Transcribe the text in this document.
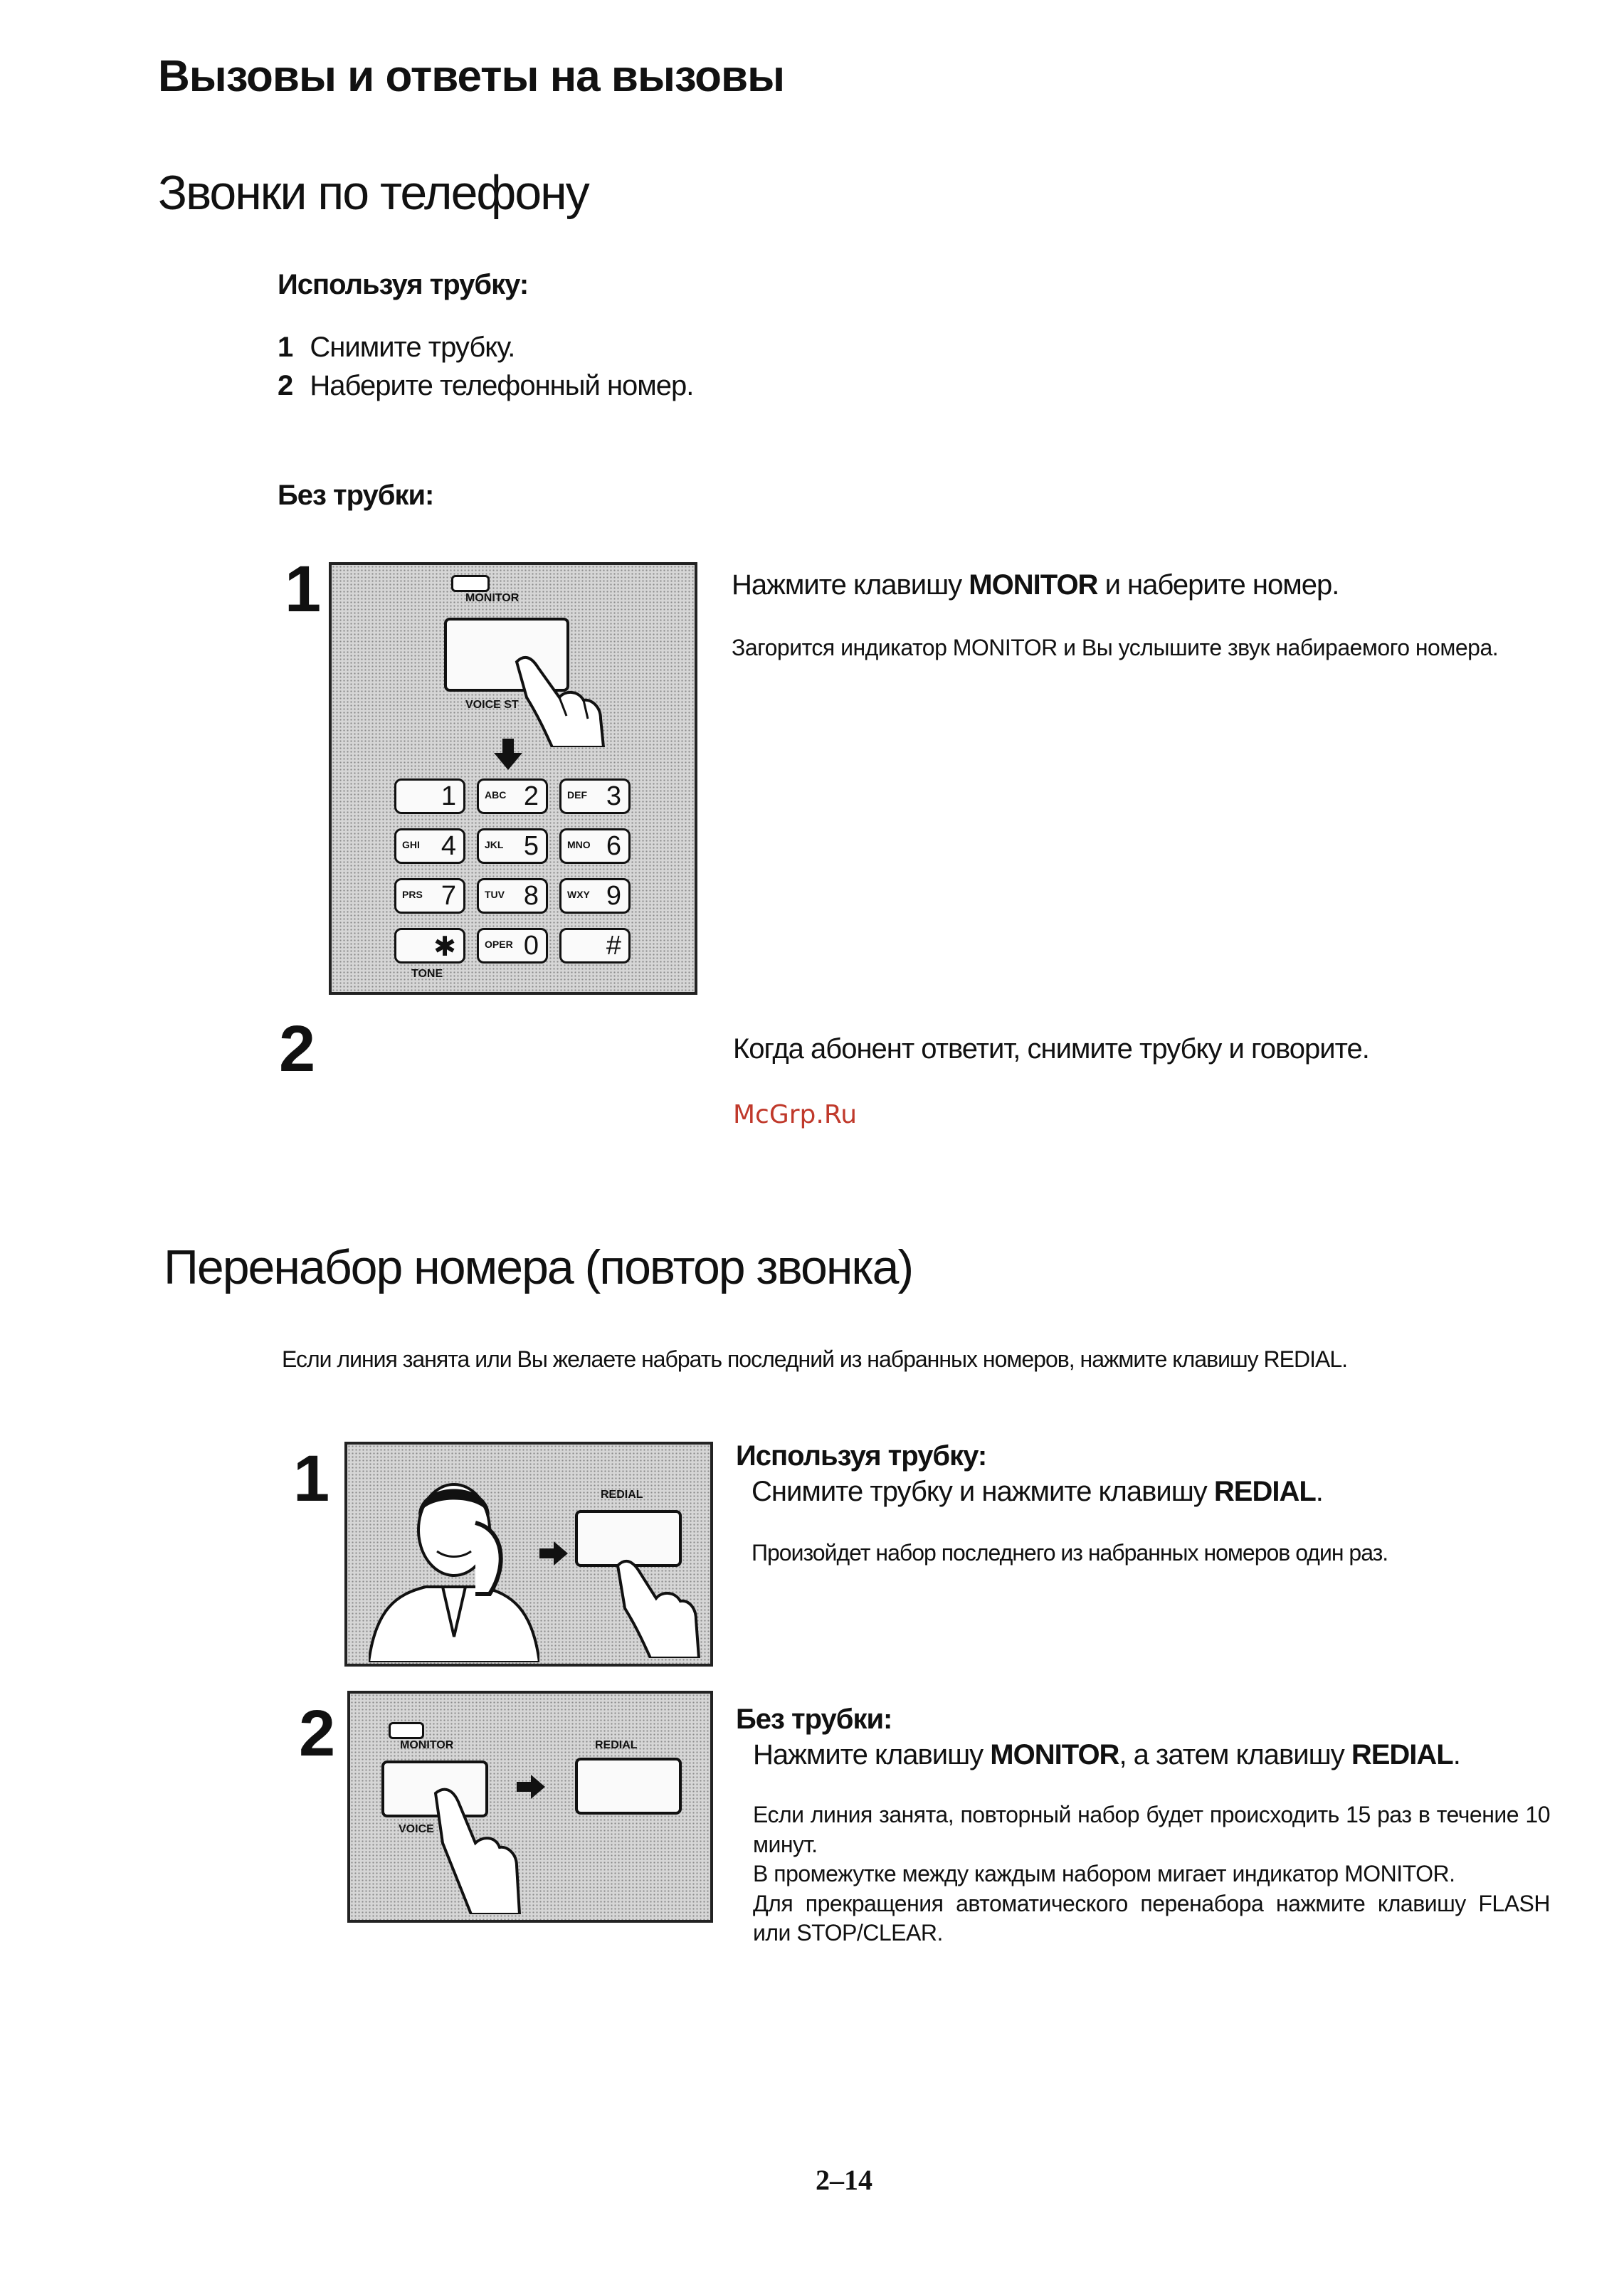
Вызовы и ответы на вызовы
Звонки по телефону
Используя трубку:
1 Снимите трубку.
2 Наберите телефонный номер.
Без трубки:
1	MONITOR
VOICE ST
1	ABC 2	DEF 3
GHI 4	JKL 5	MNO 6
PRS 7	TUV 8	WXY 9
✱	OPER 0 #
TONE
Нажмите клавишу MONITOR и наберите номер.
Загорится индикатор MONITOR и Вы услышите звук набираемого номера.
2	Когда абонент ответит, снимите трубку и говорите.
McGrp.Ru
Перенабор номера (повтор звонка)
Если линия занята или Вы желаете набрать последний из набранных номеров, нажмите клавишу REDIAL.
1	REDIAL
Используя трубку:
Снимите трубку и нажмите клавишу REDIAL.
Произойдет набор последнего из набранных номеров один раз.
2	MONITOR
VOICE
REDIAL
Без трубки:
Нажмите клавишу MONITOR, а затем клавишу REDIAL.
Если линия занята, повторный набор будет происходить 15 раз в течение 10 минут.
В промежутке между каждым набором мигает индикатор MONITOR.
Для прекращения автоматического перенабора нажмите клавишу FLASH или STOP/CLEAR.
2–14
